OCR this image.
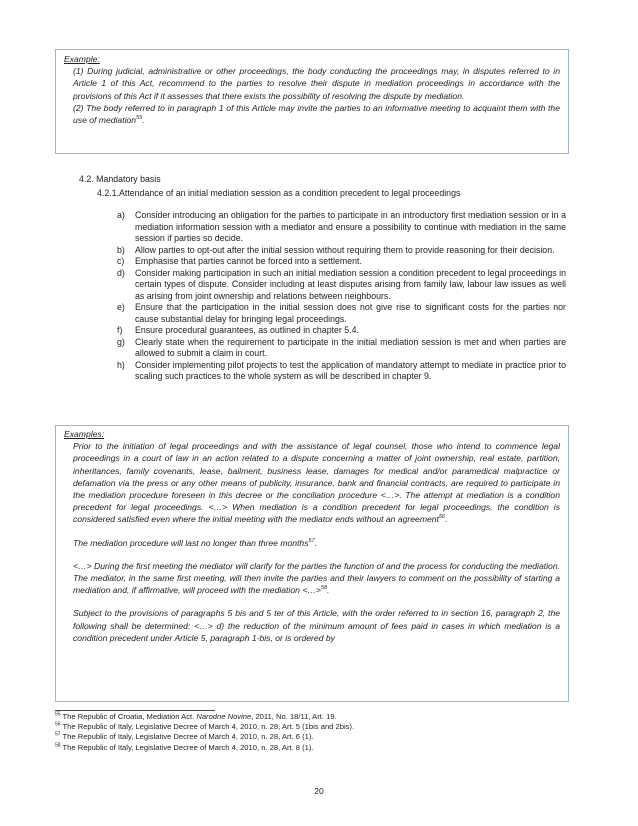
Example:

(1) During judicial, administrative or other proceedings, the body conducting the proceedings may, in disputes referred to in Article 1 of this Act, recommend to the parties to resolve their dispute in mediation proceedings in accordance with the provisions of this Act if it assesses that there exists the possibility of resolving the dispute by mediation.

(2) The body referred to in paragraph 1 of this Article may invite the parties to an informative meeting to acquaint them with the use of mediation$^{55}$.

4.2. Mandatory basis
4.2.1.Attendance of an initial mediation session as a condition precedent to legal proceedings
a)	Consider introducing an obligation for the parties to participate in an introductory first mediation session or in a mediation information session with a mediator and ensure a possibility to continue with mediation in the same session if parties so decide.
b)	Allow parties to opt-out after the initial session without requiring them to provide reasoning for their decision.
c)	Emphasise that parties cannot be forced into a settlement.
d)	Consider making participation in such an initial mediation session a condition precedent to legal proceedings in certain types of dispute. Consider including at least disputes arising from family law, labour law issues as well as arising from joint ownership and relations between neighbours.
e)	Ensure that the participation in the initial session does not give rise to significant costs for the parties nor cause substantial delay for bringing legal proceedings.
f)	Ensure procedural guarantees, as outlined in chapter 5.4.
g)	Clearly state when the requirement to participate in the initial mediation session is met and when parties are allowed to submit a claim in court.
h)	Consider implementing pilot projects to test the application of mandatory attempt to mediate in practice prior to scaling such practices to the whole system as will be described in chapter 9.
Examples:

Prior to the initiation of legal proceedings and with the assistance of legal counsel, those who intend to commence legal proceedings in a court of law in an action related to a dispute concerning a matter of joint ownership, real estate, partition, inheritances, family covenants, lease, bailment, business lease, damages for medical and/or paramedical malpractice or defamation via the press or any other means of publicity, insurance, bank and financial contracts, are required to participate in the mediation procedure foreseen in this decree or the conciliation procedure <…>. The attempt at mediation is a condition precedent for legal proceedings. <…> When mediation is a condition precedent for legal proceedings, the condition is considered satisfied even where the initial meeting with the mediator ends without an agreement$^{56}$.

The mediation procedure will last no longer than three months$^{57}$.

<…> During the first meeting the mediator will clarify for the parties the function of and the process for conducting the mediation. The mediator, in the same first meeting, will then invite the parties and their lawyers to comment on the possibility of starting a mediation and, if affirmative, will proceed with the mediation <…>$^{58}$.

Subject to the provisions of paragraphs 5 bis and 5 ter of this Article, with the order referred to in section 16, paragraph 2, the following shall be determined: <…> d) the reduction of the minimum amount of fees paid in cases in which mediation is a condition precedent under Article 5, paragraph 1-bis, or is ordered by

$^{55}$ The Republic of Croatia, Mediation Act. Narodne Novine, 2011, No. 18/11, Art. 19.
$^{56}$ The Republic of Italy, Legislative Decree of March 4, 2010, n. 28, Art. 5 (1bis and 2bis).
$^{57}$ The Republic of Italy, Legislative Decree of March 4, 2010, n. 28, Art. 6 (1).
$^{58}$ The Republic of Italy, Legislative Decree of March 4, 2010, n. 28, Art. 8 (1).
20
